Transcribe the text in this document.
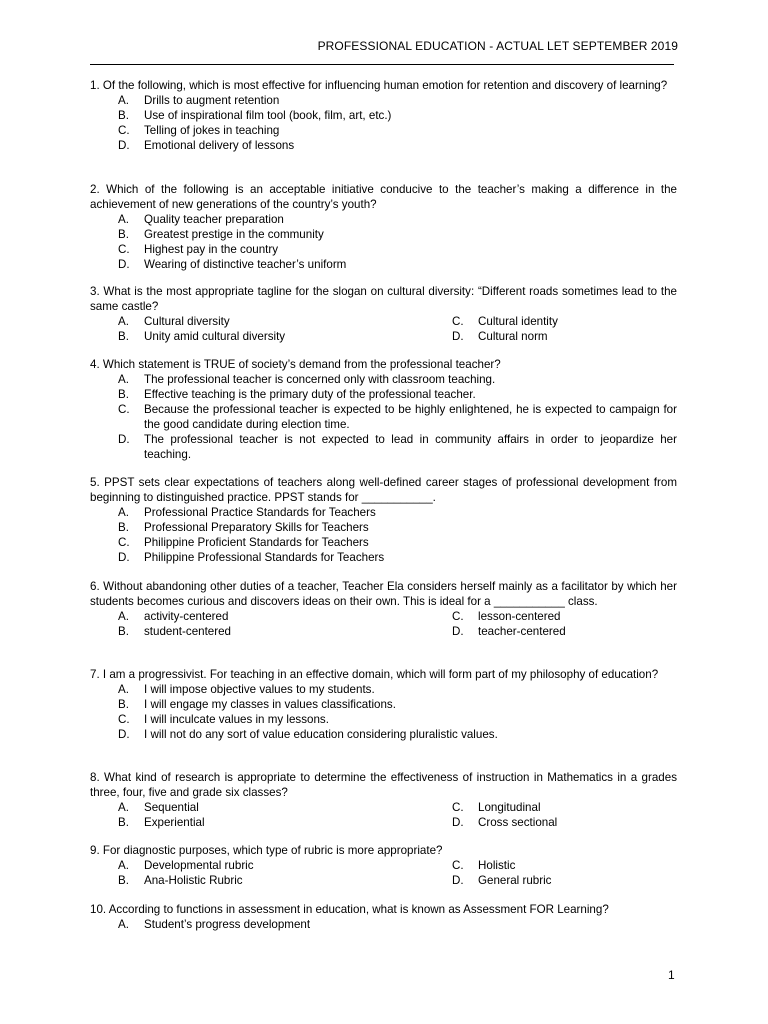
PROFESSIONAL EDUCATION - ACTUAL LET SEPTEMBER 2019
1. Of the following, which is most effective for influencing human emotion for retention and discovery of learning?
A.	Drills to augment retention
B.	Use of inspirational film tool (book, film, art, etc.)
C.	Telling of jokes in teaching
D.	Emotional delivery of lessons
2. Which of the following is an acceptable initiative conducive to the teacher’s making a difference in the achievement of new generations of the country’s youth?
A.	Quality teacher preparation
B.	Greatest prestige in the community
C.	Highest pay in the country
D.	Wearing of distinctive teacher’s uniform
3. What is the most appropriate tagline for the slogan on cultural diversity: “Different roads sometimes lead to the same castle?
A.	Cultural diversity	C.	Cultural identity
B.	Unity amid cultural diversity	D.	Cultural norm
4. Which statement is TRUE of society’s demand from the professional teacher?
A.	The professional teacher is concerned only with classroom teaching.
B.	Effective teaching is the primary duty of the professional teacher.
C.	Because the professional teacher is expected to be highly enlightened, he is expected to campaign for the good candidate during election time.
D.	The professional teacher is not expected to lead in community affairs in order to jeopardize her teaching.
5. PPST sets clear expectations of teachers along well-defined career stages of professional development from beginning to distinguished practice. PPST stands for ___________.
A.	Professional Practice Standards for Teachers
B.	Professional Preparatory Skills for Teachers
C.	Philippine Proficient Standards for Teachers
D.	Philippine Professional Standards for Teachers
6. Without abandoning other duties of a teacher, Teacher Ela considers herself mainly as a facilitator by which her students becomes curious and discovers ideas on their own. This is ideal for a ___________ class.
A.	activity-centered	C.	lesson-centered
B.	student-centered	D.	teacher-centered
7. I am a progressivist. For teaching in an effective domain, which will form part of my philosophy of education?
A.	I will impose objective values to my students.
B.	I will engage my classes in values classifications.
C.	I will inculcate values in my lessons.
D.	I will not do any sort of value education considering pluralistic values.
8. What kind of research is appropriate to determine the effectiveness of instruction in Mathematics in a grades three, four, five and grade six classes?
A.	Sequential	C.	Longitudinal
B.	Experiential	D.	Cross sectional
9. For diagnostic purposes, which type of rubric is more appropriate?
A.	Developmental rubric	C.	Holistic
B.	Ana-Holistic Rubric	D.	General rubric
10. According to functions in assessment in education, what is known as Assessment FOR Learning?
A.	Student’s progress development
1
